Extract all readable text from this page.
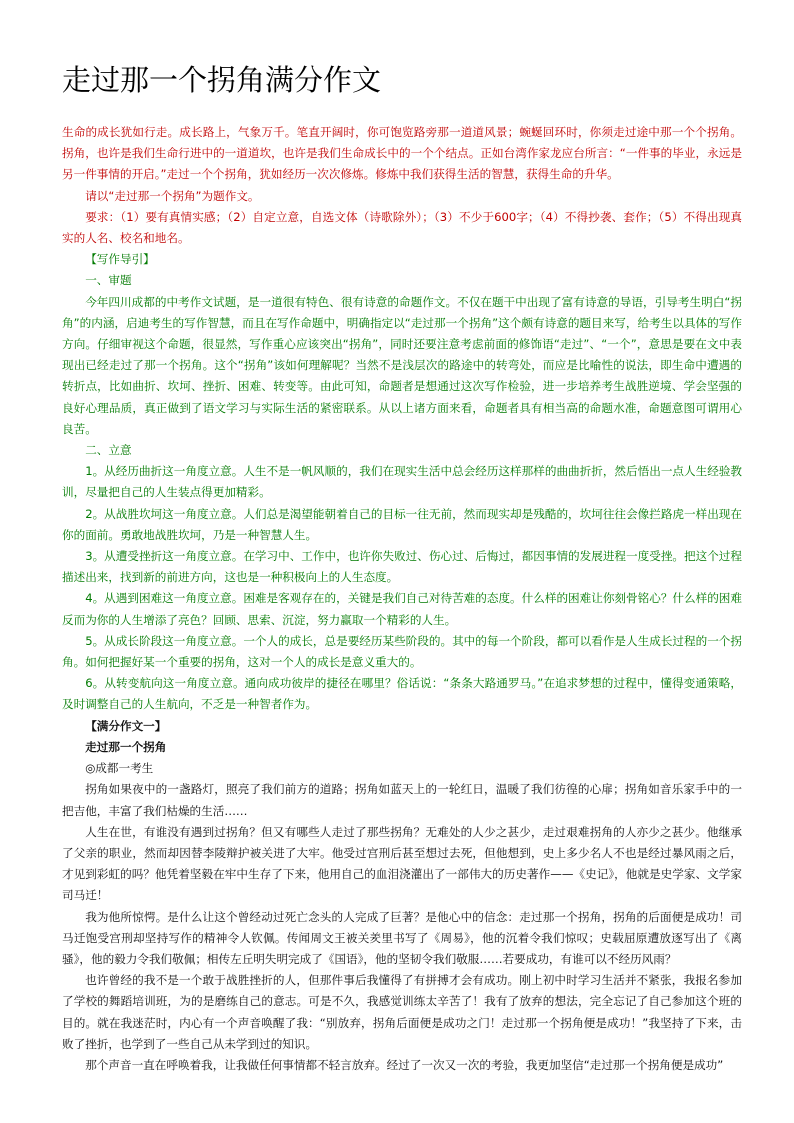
走过那一个拐角满分作文

生命的成长犹如行走。成长路上，气象万千。笔直开阔时，你可饱览路旁那一道道风景；蜿蜒回环时，你须走过途中那一个个拐角。拐角，也许是我们生命行进中的一道道坎，也许是我们生命成长中的一个个结点。正如台湾作家龙应台所言：“一件事的毕业，永远是另一件事情的开启。”走过一个个拐角，犹如经历一次次修炼。修炼中我们获得生活的智慧，获得生命的升华。

请以“走过那一个拐角”为题作文。

要求：（1）要有真情实感；（2）自定立意，自选文体（诗歌除外）；（3）不少于600字；（4）不得抄袭、套作；（5）不得出现真实的人名、校名和地名。

【写作导引】

一、审题

今年四川成都的中考作文试题，是一道很有特色、很有诗意的命题作文。不仅在题干中出现了富有诗意的导语，引导考生明白“拐角”的内涵，启迪考生的写作智慧，而且在写作命题中，明确指定以“走过那一个拐角”这个颇有诗意的题目来写，给考生以具体的写作方向。仔细审视这个命题，很显然，写作重心应该突出“拐角”，同时还要注意考虑前面的修饰语“走过”、“一个”，意思是要在文中表现出已经走过了那一个拐角。这个“拐角”该如何理解呢？当然不是浅层次的路途中的转弯处，而应是比喻性的说法，即生命中遭遇的转折点，比如曲折、坎坷、挫折、困难、转变等。由此可知，命题者是想通过这次写作检验，进一步培养考生战胜逆境、学会坚强的良好心理品质，真正做到了语文学习与实际生活的紧密联系。从以上诸方面来看，命题者具有相当高的命题水准，命题意图可谓用心良苦。

二、立意

1。从经历曲折这一角度立意。人生不是一帆风顺的，我们在现实生活中总会经历这样那样的曲曲折折，然后悟出一点人生经验教训，尽量把自己的人生装点得更加精彩。

2。从战胜坎坷这一角度立意。人们总是渴望能朝着自己的目标一往无前，然而现实却是残酷的，坎坷往往会像拦路虎一样出现在你的面前。勇敢地战胜坎坷，乃是一种智慧人生。

3。从遭受挫折这一角度立意。在学习中、工作中，也许你失败过、伤心过、后悔过，都因事情的发展进程一度受挫。把这个过程描述出来，找到新的前进方向，这也是一种积极向上的人生态度。

4。从遇到困难这一角度立意。困难是客观存在的，关键是我们自己对待苦难的态度。什么样的困难让你刻骨铭心？什么样的困难反而为你的人生增添了亮色？回顾、思索、沉淀，努力赢取一个精彩的人生。

5。从成长阶段这一角度立意。一个人的成长，总是要经历某些阶段的。其中的每一个阶段，都可以看作是人生成长过程的一个拐角。如何把握好某一个重要的拐角，这对一个人的成长是意义重大的。

6。从转变航向这一角度立意。通向成功彼岸的捷径在哪里？俗话说：“条条大路通罗马。”在追求梦想的过程中，懂得变通策略，及时调整自己的人生航向，不乏是一种智者作为。

【满分作文一】

走过那一个拐角

◎成都一考生

拐角如果夜中的一盏路灯，照亮了我们前方的道路；拐角如蓝天上的一轮红日，温暖了我们彷徨的心扉；拐角如音乐家手中的一把吉他，丰富了我们枯燥的生活……

人生在世，有谁没有遇到过拐角？但又有哪些人走过了那些拐角？无难处的人少之甚少，走过艰难拐角的人亦少之甚少。他继承了父亲的职业，然而却因替李陵辩护被关进了大牢。他受过宫刑后甚至想过去死，但他想到，史上多少名人不也是经过暴风雨之后，才见到彩虹的吗？他凭着坚毅在牢中生存了下来，他用自己的血泪浇灌出了一部伟大的历史著作——《史记》，他就是史学家、文学家司马迁！

我为他所惊愕。是什么让这个曾经动过死亡念头的人完成了巨著？是他心中的信念：走过那一个拐角，拐角的后面便是成功！司马迁饱受宫刑却坚持写作的精神令人钦佩。传闻周文王被关羑里书写了《周易》，他的沉着令我们惊叹；史载屈原遭放逐写出了《离骚》，他的毅力令我们敬佩；相传左丘明失明完成了《国语》，他的坚韧令我们敬服……若要成功，有谁可以不经历风雨？

也许曾经的我不是一个敢于战胜挫折的人，但那件事后我懂得了有拼搏才会有成功。刚上初中时学习生活并不紧张，我报名参加了学校的舞蹈培训班，为的是磨练自己的意志。可是不久，我感觉训练太辛苦了！我有了放弃的想法，完全忘记了自己参加这个班的目的。就在我迷茫时，内心有一个声音唤醒了我：“别放弃，拐角后面便是成功之门！走过那一个拐角便是成功！”我坚持了下来，击败了挫折，也学到了一些自己从未学到过的知识。

那个声音一直在呼唤着我，让我做任何事情都不轻言放弃。经过了一次又一次的考验，我更加坚信“走过那一个拐角便是成功”
